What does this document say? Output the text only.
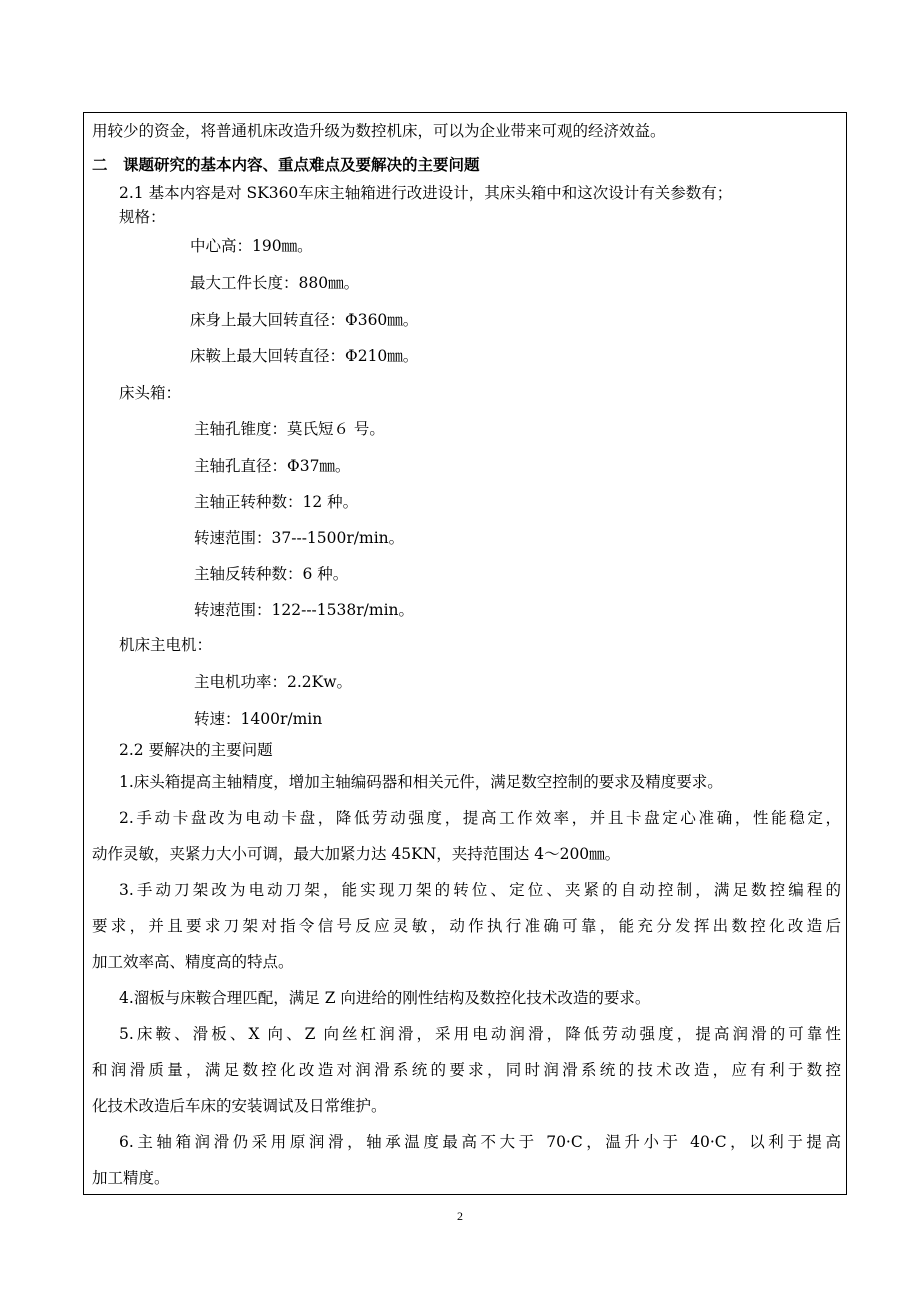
用较少的资金，将普通机床改造升级为数控机床，可以为企业带来可观的经济效益。
二　课题研究的基本内容、重点难点及要解决的主要问题
2.1 基本内容是对 SK360车床主轴箱进行改进设计，其床头箱中和这次设计有关参数有；
规格：
中心高：190㎜。
最大工件长度：880㎜。
床身上最大回转直径：Φ360㎜。
床鞍上最大回转直径：Φ210㎜。
床头箱：
主轴孔锥度：莫氏短６ 号。
主轴孔直径：Φ37㎜。
主轴正转种数：12 种。
转速范围：37---1500r/min。
主轴反转种数：6 种。
转速范围：122---1538r/min。
机床主电机：
主电机功率：2.2Kw。
转速：1400r/min
2.2 要解决的主要问题
1.床头箱提高主轴精度，增加主轴编码器和相关元件，满足数空控制的要求及精度要求。
2.手动卡盘改为电动卡盘，降低劳动强度，提高工作效率，并且卡盘定心准确，性能稳定，
动作灵敏，夹紧力大小可调，最大加紧力达 45KN，夹持范围达 4～200㎜。
3.手动刀架改为电动刀架，能实现刀架的转位、定位、夹紧的自动控制，满足数控编程的
要求，并且要求刀架对指令信号反应灵敏，动作执行准确可靠，能充分发挥出数控化改造后
加工效率高、精度高的特点。
4.溜板与床鞍合理匹配，满足 Z 向进给的刚性结构及数控化技术改造的要求。
5.床鞍、滑板、X 向、Z 向丝杠润滑，采用电动润滑，降低劳动强度，提高润滑的可靠性
和润滑质量，满足数控化改造对润滑系统的要求，同时润滑系统的技术改造，应有利于数控
化技术改造后车床的安装调试及日常维护。
6.主轴箱润滑仍采用原润滑，轴承温度最高不大于 70·C，温升小于 40·C，以利于提高
加工精度。
2
